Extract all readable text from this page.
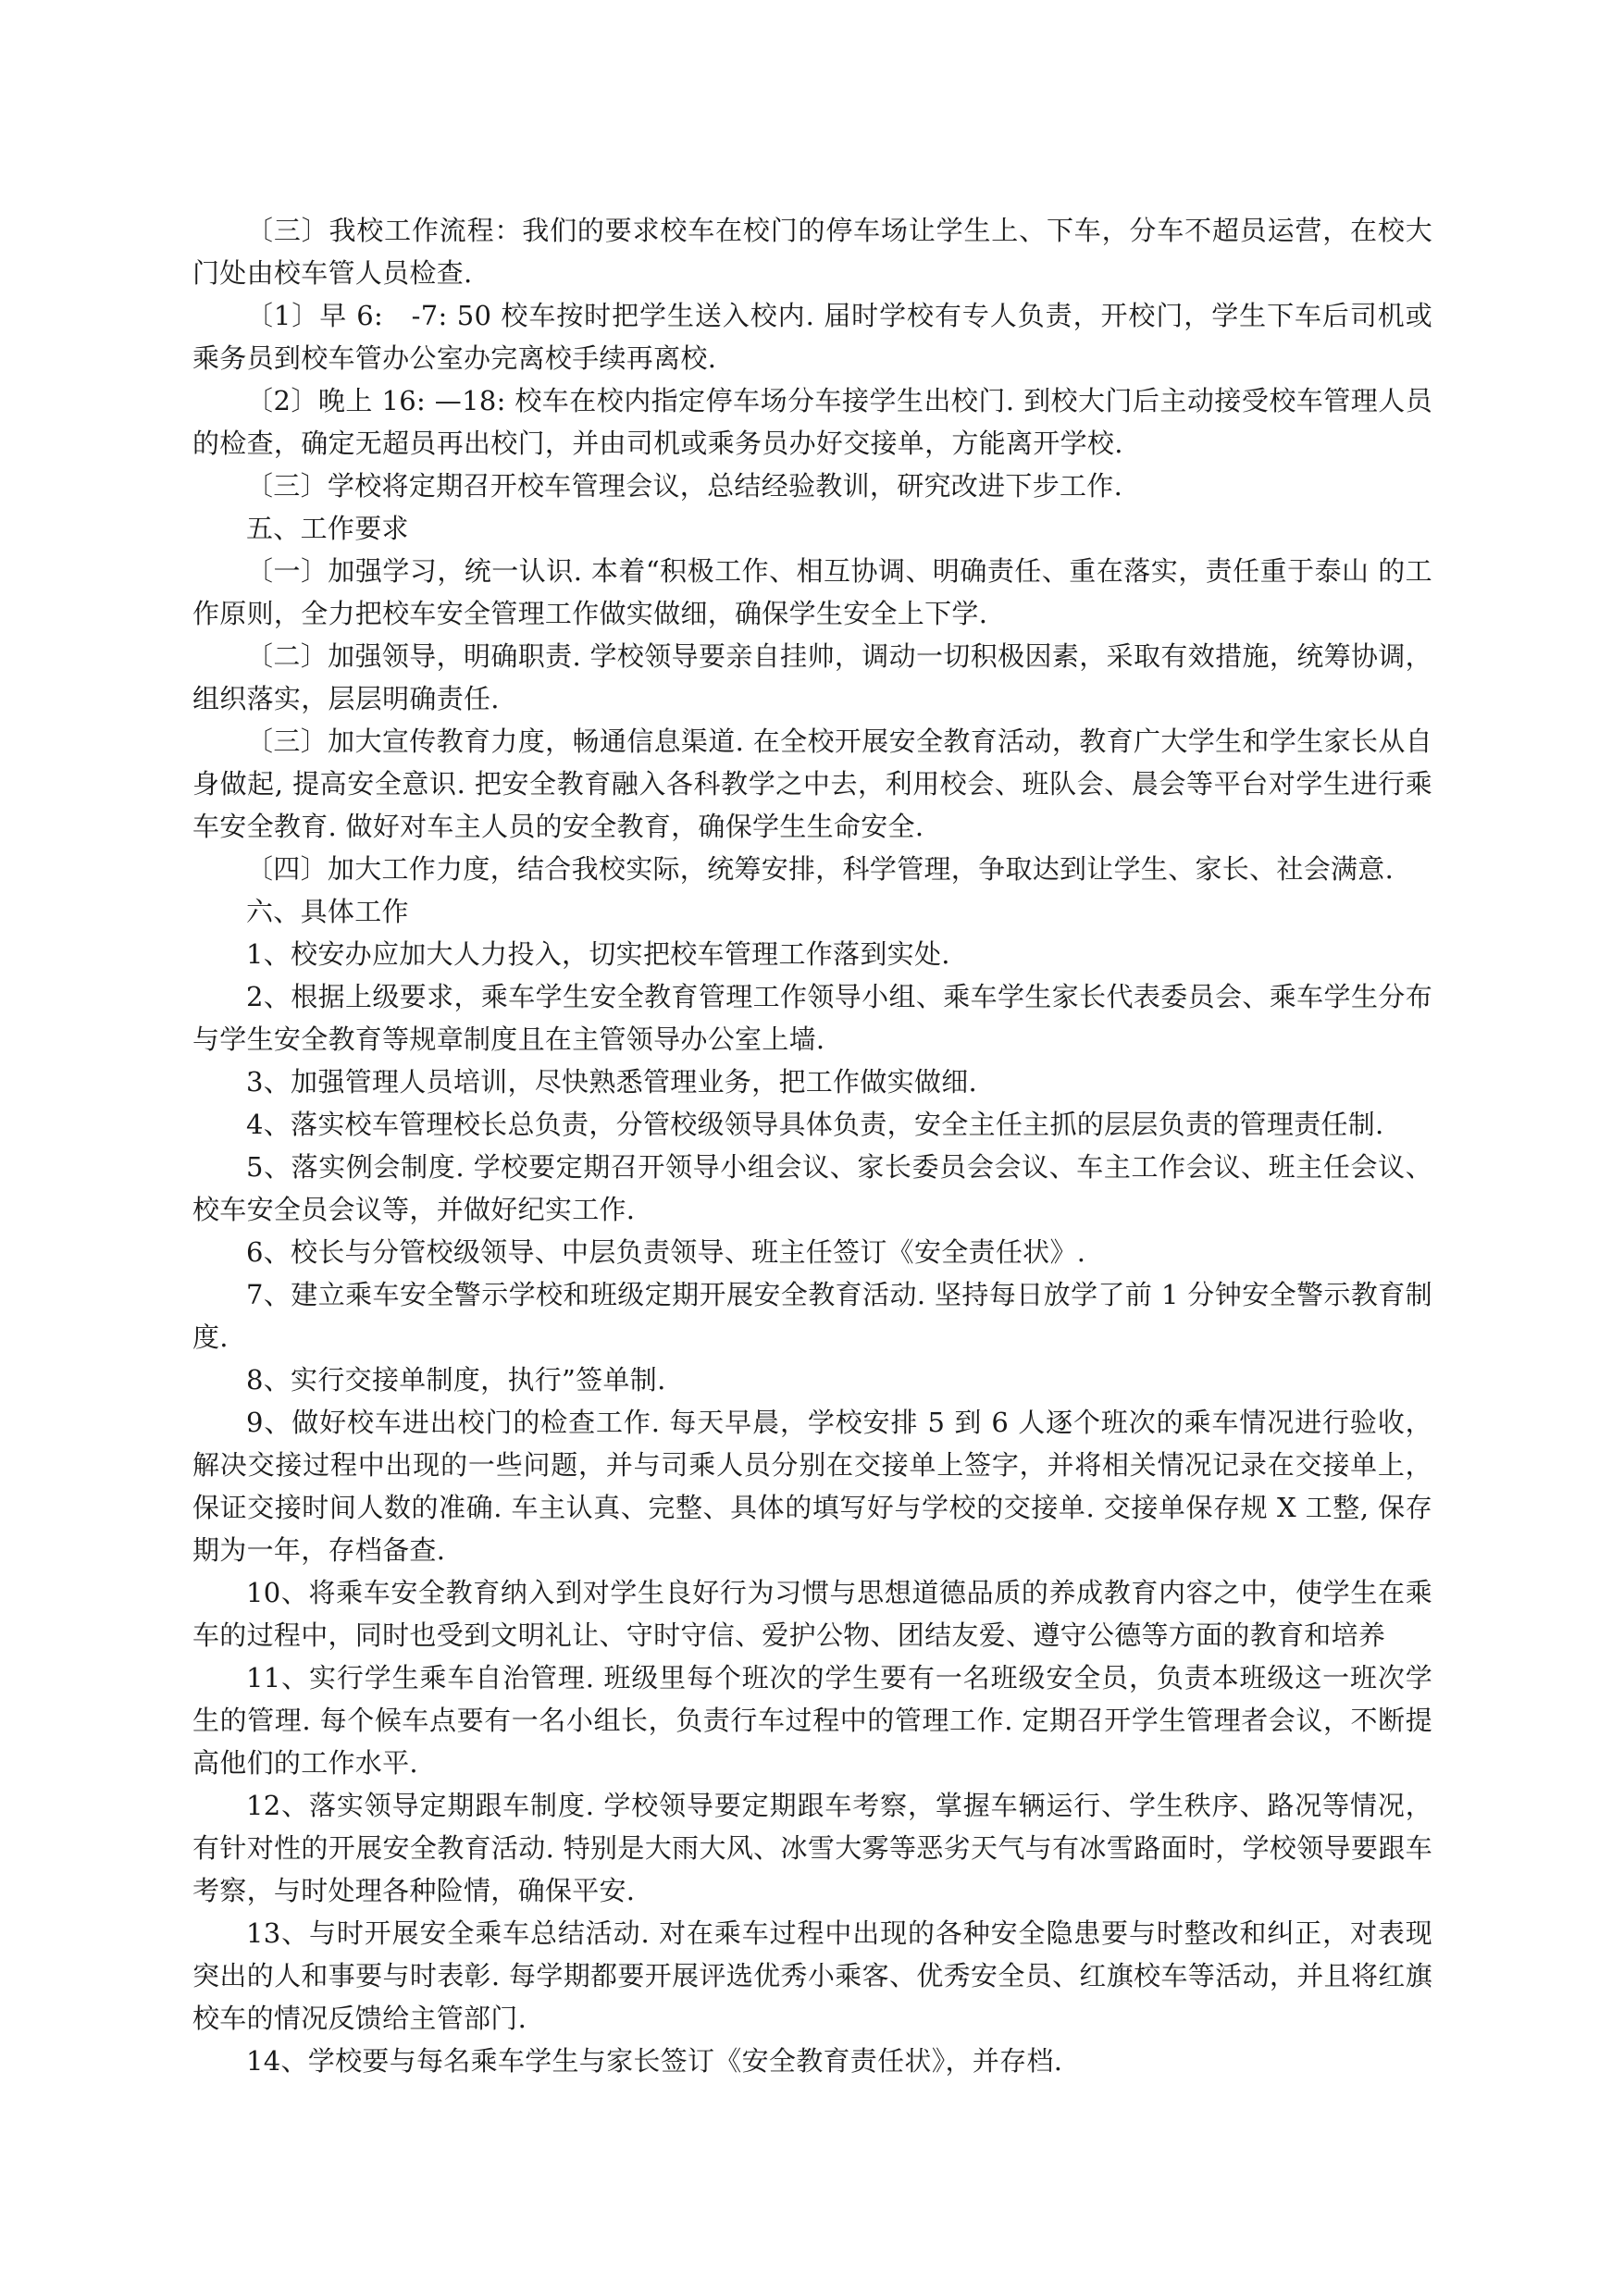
〔三〕我校工作流程：我们的要求校车在校门的停车场让学生上、下车，分车不超员运营，在校大门处由校车管人员检查.

〔1〕早 6:　-7: 50 校车按时把学生送入校内. 届时学校有专人负责，开校门，学生下车后司机或乘务员到校车管办公室办完离校手续再离校.

〔2〕晚上 16: —18: 校车在校内指定停车场分车接学生出校门. 到校大门后主动接受校车管理人员的检查，确定无超员再出校门，并由司机或乘务员办好交接单，方能离开学校.

〔三〕学校将定期召开校车管理会议，总结经验教训，研究改进下步工作.

五、工作要求

〔一〕加强学习，统一认识. 本着“积极工作、相互协调、明确责任、重在落实，责任重于泰山 的工作原则，全力把校车安全管理工作做实做细，确保学生安全上下学.

〔二〕加强领导，明确职责. 学校领导要亲自挂帅，调动一切积极因素，采取有效措施，统筹协调，组织落实，层层明确责任.

〔三〕加大宣传教育力度，畅通信息渠道. 在全校开展安全教育活动，教育广大学生和学生家长从自身做起, 提高安全意识. 把安全教育融入各科教学之中去，利用校会、班队会、晨会等平台对学生进行乘车安全教育. 做好对车主人员的安全教育，确保学生生命安全.

〔四〕加大工作力度，结合我校实际，统筹安排，科学管理，争取达到让学生、家长、社会满意.

六、具体工作

1、校安办应加大人力投入，切实把校车管理工作落到实处.

2、根据上级要求，乘车学生安全教育管理工作领导小组、乘车学生家长代表委员会、乘车学生分布与学生安全教育等规章制度且在主管领导办公室上墙.

3、加强管理人员培训，尽快熟悉管理业务，把工作做实做细.

4、落实校车管理校长总负责，分管校级领导具体负责，安全主任主抓的层层负责的管理责任制.

5、落实例会制度. 学校要定期召开领导小组会议、家长委员会会议、车主工作会议、班主任会议、校车安全员会议等，并做好纪实工作.

6、校长与分管校级领导、中层负责领导、班主任签订《安全责任状》.

7、建立乘车安全警示学校和班级定期开展安全教育活动. 坚持每日放学了前 1 分钟安全警示教育制度.

8、实行交接单制度，执行”签单制.

9、做好校车进出校门的检查工作. 每天早晨，学校安排 5 到 6 人逐个班次的乘车情况进行验收，解决交接过程中出现的一些问题，并与司乘人员分别在交接单上签字，并将相关情况记录在交接单上，保证交接时间人数的准确. 车主认真、完整、具体的填写好与学校的交接单. 交接单保存规 X 工整, 保存期为一年，存档备查.

10、将乘车安全教育纳入到对学生良好行为习惯与思想道德品质的养成教育内容之中，使学生在乘车的过程中，同时也受到文明礼让、守时守信、爱护公物、团结友爱、遵守公德等方面的教育和培养

11、实行学生乘车自治管理. 班级里每个班次的学生要有一名班级安全员，负责本班级这一班次学生的管理. 每个候车点要有一名小组长，负责行车过程中的管理工作. 定期召开学生管理者会议，不断提高他们的工作水平.

12、落实领导定期跟车制度. 学校领导要定期跟车考察，掌握车辆运行、学生秩序、路况等情况，有针对性的开展安全教育活动. 特别是大雨大风、冰雪大雾等恶劣天气与有冰雪路面时，学校领导要跟车考察，与时处理各种险情，确保平安.

13、与时开展安全乘车总结活动. 对在乘车过程中出现的各种安全隐患要与时整改和纠正，对表现突出的人和事要与时表彰. 每学期都要开展评选优秀小乘客、优秀安全员、红旗校车等活动，并且将红旗校车的情况反馈给主管部门.

14、学校要与每名乘车学生与家长签订《安全教育责任状》，并存档.
